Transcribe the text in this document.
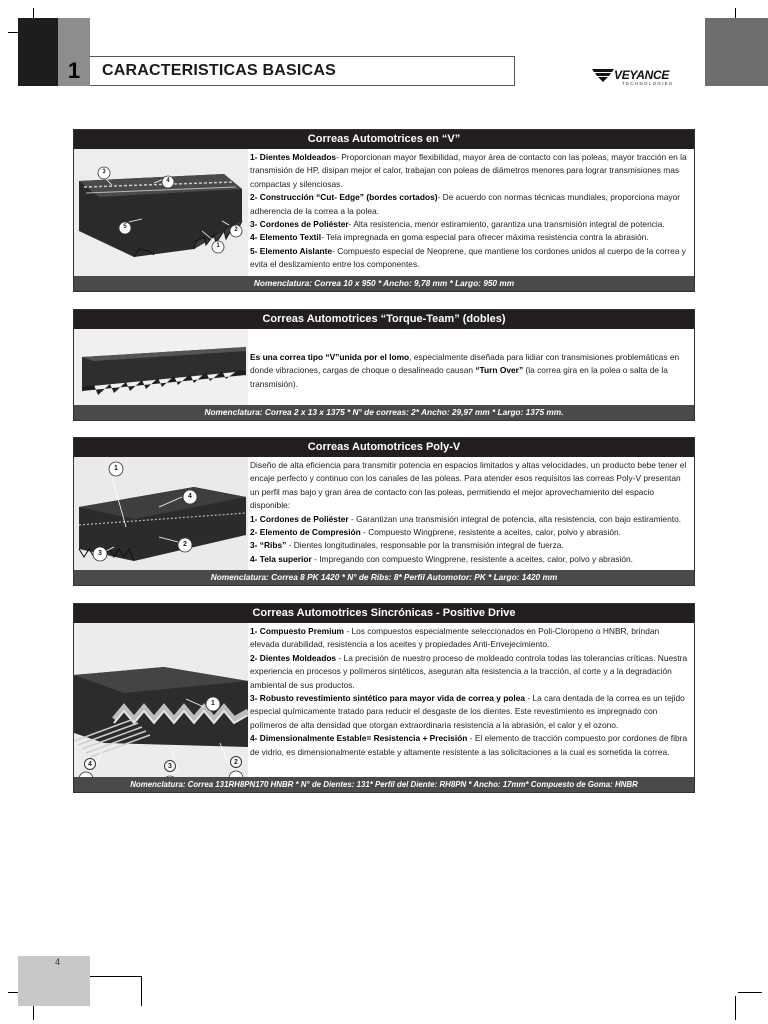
1	CARACTERISTICAS BASICAS	VEYANCE
TECHNOLOGIES
Correas Automotrices en “V”
3
4
5	2
1
1- Dientes Moldeados- Proporcionan mayor flexibilidad, mayor área de contacto con las poleas, mayor tracción en la transmisión de HP, disipan mejor el calor, trabajan con poleas de diámetros menores para lograr transmisiones mas compactas y silenciosas.
2- Construcción “Cut- Edge” (bordes cortados)- De acuerdo con normas técnicas mundiales, proporciona mayor adherencia de la correa a la polea.
3- Cordones de Poliéster- Alta resistencia, menor estiramiento, garantiza una transmisión integral de potencia.
4- Elemento Textil- Tela impregnada en goma especial para ofrecer máxima resistencia contra la abrasión.
5- Elemento Aislante- Compuesto especial de Neoprene, que mantiene los cordones unidos al cuerpo de la correa y evita el deslizamiento entre los componentes.
Nomenclatura: Correa 10 x 950 * Ancho: 9,78 mm * Largo: 950 mm
Correas Automotrices “Torque-Team” (dobles)
Es una correa tipo “V”unida por el lomo, especialmente diseñada para lidiar con transmisiones problemáticas en donde vibraciones, cargas de choque o desalineado causan “Turn Over” (la correa gira en la polea o salta de la transmisión).
Nomenclatura: Correa 2 x 13 x 1375 * N° de correas: 2* Ancho: 29,97 mm * Largo: 1375 mm.
Correas Automotrices Poly-V
1
4
2
3
Diseño de alta eficiencia para transmitir potencia en espacios limitados y altas velocidades, un producto bebe tener el encaje perfecto y continuo con los canales de las poleas. Para atender esos requisitos las correas Poly-V presentan un perfil mas bajo y gran área de contacto con las poleas, permitiendo el mejor aprovechamiento del espacio disponible:
1- Cordones de Poliéster - Garantizan una transmisión integral de potencia, alta resistencia, con bajo estiramiento.
2- Elemento de Compresión - Compuesto Wingprene, resistente a aceites, calor, polvo y abrasión.
3- “Ribs” - Dientes longitudinales, responsable por la transmisión integral de fuerza.
4- Tela superior - Impregando con compuesto Wingprene, resistente a aceites, calor, polvo y abrasión.
Nomenclatura: Correa 8 PK 1420 * N° de Ribs: 8* Perfil Automotor: PK * Largo: 1420 mm
Correas Automotrices Sincrónicas - Positive Drive
1
1- Compuesto Premium - Los compuestos especialmente seleccionados en Poli-Cloropeno o HNBR, brindan elevada durabilidad, resistencia a los aceites y propiedades Anti-Envejecimiento.
2- Dientes Moldeados - La precisión de nuestro proceso de moldeado controla todas las tolerancias críticas. Nuestra experiencia en procesos y polímeros sintéticos, aseguran alta resistencia a la tracción, al corte y a la degradación ambiental de sus productos.
3- Robusto revestimiento sintético para mayor vida de correa y polea - La cara dentada de la correa es un tejido especial químicamente tratado para reducir el desgaste de los dientes. Este revestimiento es impregnado con polímeros de alta densidad que otorgan extraordinaria resistencia a la abrasión, el calor y el ozono.
4- Dimensionalmente Estable= Resistencia + Precisión - El elemento de tracción compuesto por cordones de fibra de vidrio, es dimensionalmente estable y altamente resistente a las solicitaciones a la cual es sometida la correa.
4	3
2
Nomenclatura: Correa 131RH8PN170 HNBR * N° de Dientes: 131* Perfil del Diente: RH8PN * Ancho: 17mm* Compuesto de Goma: HNBR
4
